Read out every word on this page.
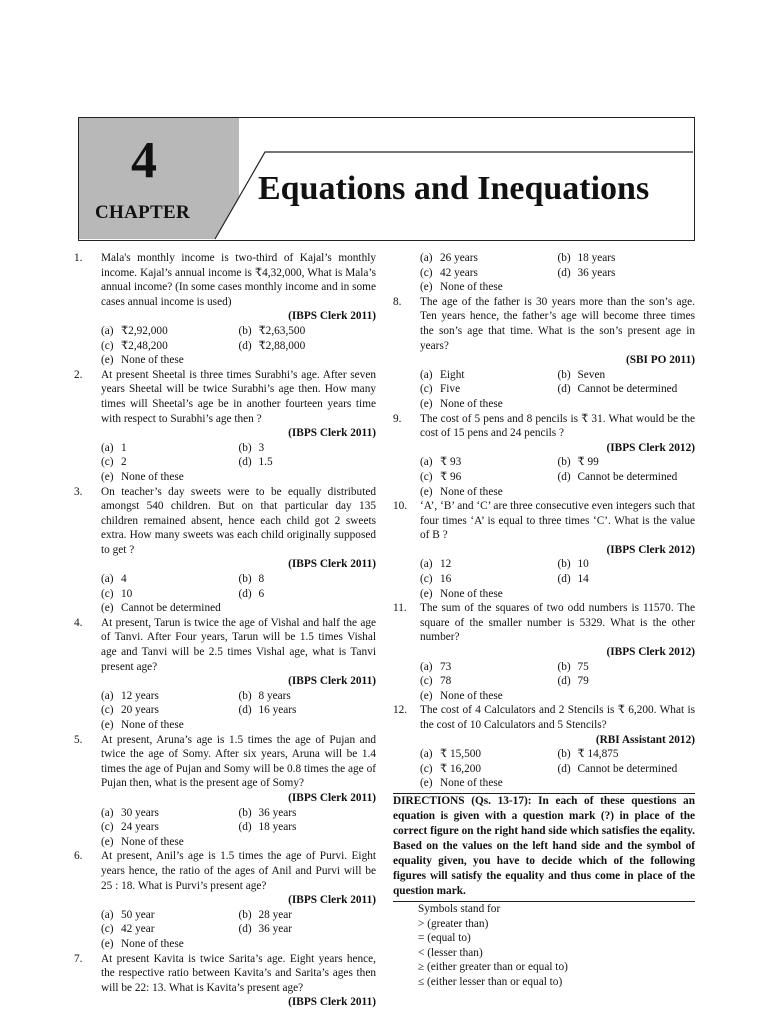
4
CHAPTER
Equations and Inequations
1. Mala's monthly income is two-third of Kajal’s monthly income. Kajal’s annual income is ₹4,32,000, What is Mala’s annual income? (In some cases monthly income and in some cases annual income is used)
(IBPS Clerk 2011)
(a) ₹2,92,000	(b) ₹2,63,500
(c) ₹2,48,200	(d) ₹2,88,000
(e) None of these
2. At present Sheetal is three times Surabhi’s age. After seven years Sheetal will be twice Surabhi’s age then. How many times will Sheetal’s age be in another fourteen years time with respect to Surabhi’s age then ?
(IBPS Clerk 2011)
(a) 1	(b) 3
(c) 2	(d) 1.5
(e) None of these
3. On teacher’s day sweets were to be equally distributed amongst 540 children. But on that particular day 135 children remained absent, hence each child got 2 sweets extra. How many sweets was each child originally supposed to get ?
(IBPS Clerk 2011)
(a) 4	(b) 8
(c) 10	(d) 6
(e) Cannot be determined
4. At present, Tarun is twice the age of Vishal and half the age of Tanvi. After Four years, Tarun will be 1.5 times Vishal age and Tanvi will be 2.5 times Vishal age, what is Tanvi present age?
(IBPS Clerk 2011)
(a) 12 years	(b) 8 years
(c) 20 years	(d) 16 years
(e) None of these
5. At present, Aruna’s age is 1.5 times the age of Pujan and twice the age of Somy. After six years, Aruna will be 1.4 times the age of Pujan and Somy will be 0.8 times the age of Pujan then, what is the present age of Somy?
(IBPS Clerk 2011)
(a) 30 years	(b) 36 years
(c) 24 years	(d) 18 years
(e) None of these
6. At present, Anil’s age is 1.5 times the age of Purvi. Eight years hence, the ratio of the ages of Anil and Purvi will be 25 : 18. What is Purvi’s present age?
(IBPS Clerk 2011)
(a) 50 year	(b) 28 year
(c) 42 year	(d) 36 year
(e) None of these
7. At present Kavita is twice Sarita’s age. Eight years hence, the respective ratio between Kavita’s and Sarita’s ages then will be 22: 13. What is Kavita’s present age?
(IBPS Clerk 2011)
(a) 26 years	(b) 18 years
(c) 42 years	(d) 36 years
(e) None of these
8. The age of the father is 30 years more than the son’s age. Ten years hence, the father’s age will become three times the son’s age that time. What is the son’s present age in years?
(SBI PO 2011)
(a) Eight	(b) Seven
(c) Five	(d) Cannot be determined
(e) None of these
9. The cost of 5 pens and 8 pencils is ₹ 31. What would be the cost of 15 pens and 24 pencils ?
(IBPS Clerk 2012)
(a) ₹ 93	(b) ₹ 99
(c) ₹ 96	(d) Cannot be determined
(e) None of these
10. ‘A’, ‘B’ and ‘C’ are three consecutive even integers such that four times ‘A’ is equal to three times ‘C’. What is the value of B ?
(IBPS Clerk 2012)
(a) 12	(b) 10
(c) 16	(d) 14
(e) None of these
11. The sum of the squares of two odd numbers is 11570. The square of the smaller number is 5329. What is the other number?
(IBPS Clerk 2012)
(a) 73	(b) 75
(c) 78	(d) 79
(e) None of these
12. The cost of 4 Calculators and 2 Stencils is ₹ 6,200. What is the cost of 10 Calculators and 5 Stencils?
(RBI Assistant 2012)
(a) ₹ 15,500	(b) ₹ 14,875
(c) ₹ 16,200	(d) Cannot be determined
(e) None of these
DIRECTIONS (Qs. 13-17): In each of these questions an equation is given with a question mark (?) in place of the correct figure on the right hand side which satisfies the eqality. Based on the values on the left hand side and the symbol of equality given, you have to decide which of the following figures will satisfy the equality and thus come in place of the question mark.
Symbols stand for
> (greater than)
= (equal to)
< (lesser than)
≥ (either greater than or equal to)
≤ (either lesser than or equal to)
